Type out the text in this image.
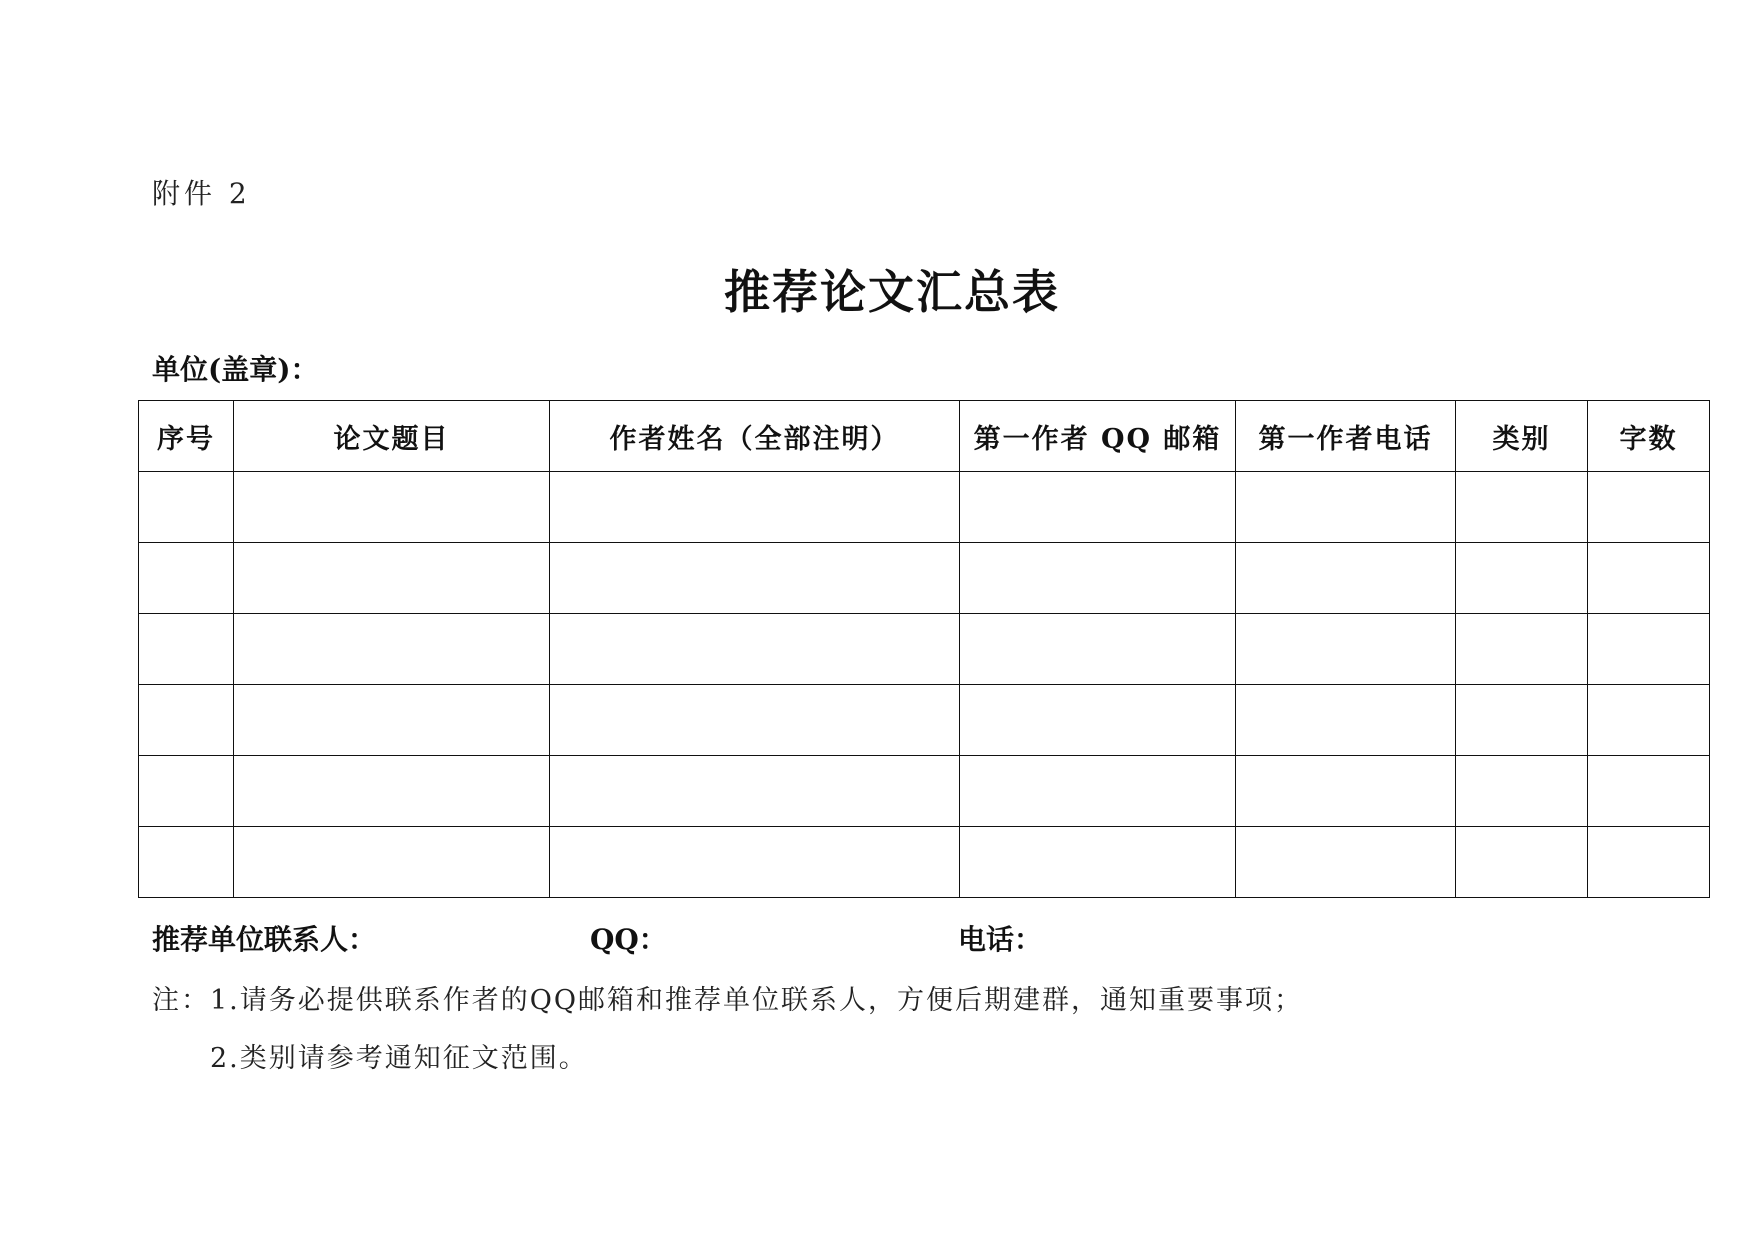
附件 2
推荐论文汇总表
单位(盖章)：
序号	论文题目	作者姓名（全部注明）	第一作者 QQ 邮箱	第一作者电话	类别	字数

推荐单位联系人：	QQ：	电话：
注：1.请务必提供联系作者的QQ邮箱和推荐单位联系人，方便后期建群，通知重要事项；
2.类别请参考通知征文范围。
